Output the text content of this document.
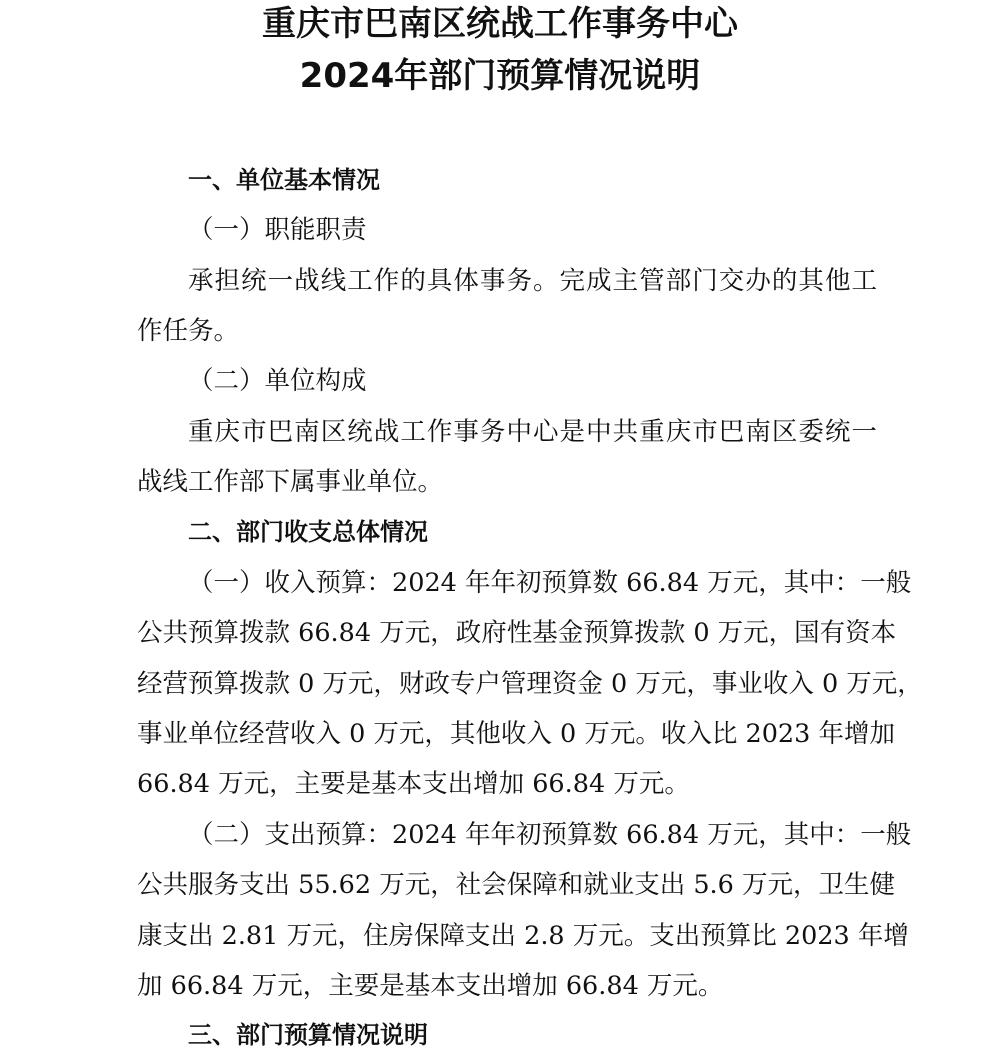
重庆市巴南区统战工作事务中心
2024年部门预算情况说明
一、单位基本情况
（一）职能职责
承担统一战线工作的具体事务。完成主管部门交办的其他工
作任务。
（二）单位构成
重庆市巴南区统战工作事务中心是中共重庆市巴南区委统一
战线工作部下属事业单位。
二、部门收支总体情况
（一）收入预算：2024 年年初预算数 66.84 万元，其中：一般
公共预算拨款 66.84 万元，政府性基金预算拨款 0 万元，国有资本
经营预算拨款 0 万元，财政专户管理资金 0 万元，事业收入 0 万元，
事业单位经营收入 0 万元，其他收入 0 万元。收入比 2023 年增加
66.84 万元，主要是基本支出增加 66.84 万元。
（二）支出预算：2024 年年初预算数 66.84 万元，其中：一般
公共服务支出 55.62 万元，社会保障和就业支出 5.6 万元，卫生健
康支出 2.81 万元，住房保障支出 2.8 万元。支出预算比 2023 年增
加 66.84 万元，主要是基本支出增加 66.84 万元。
三、部门预算情况说明
